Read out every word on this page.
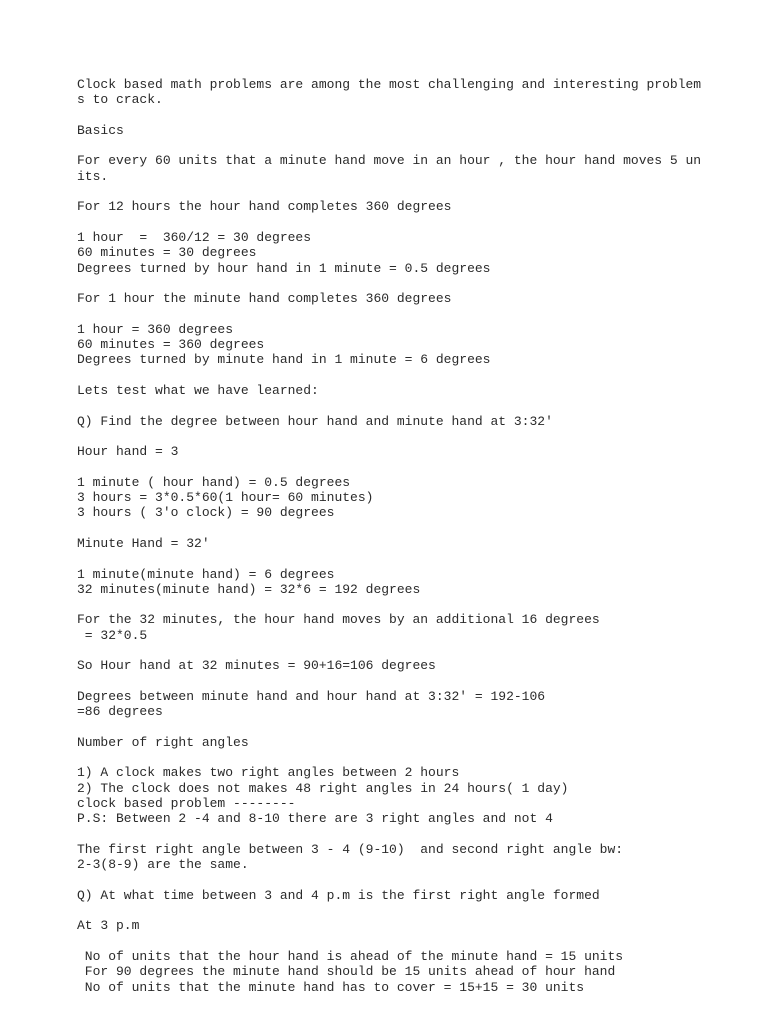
Clock based math problems are among the most challenging and interesting problem
s to crack.
Basics
For every 60 units that a minute hand move in an hour , the hour hand moves 5 un
its.
For 12 hours the hour hand completes 360 degrees
1 hour  =  360/12 = 30 degrees
60 minutes = 30 degrees
Degrees turned by hour hand in 1 minute = 0.5 degrees
For 1 hour the minute hand completes 360 degrees
1 hour = 360 degrees
60 minutes = 360 degrees
Degrees turned by minute hand in 1 minute = 6 degrees
Lets test what we have learned:
Q) Find the degree between hour hand and minute hand at 3:32'
Hour hand = 3
1 minute ( hour hand) = 0.5 degrees
3 hours = 3*0.5*60(1 hour= 60 minutes)
3 hours ( 3'o clock) = 90 degrees
Minute Hand = 32'
1 minute(minute hand) = 6 degrees
32 minutes(minute hand) = 32*6 = 192 degrees
For the 32 minutes, the hour hand moves by an additional 16 degrees
= 32*0.5
So Hour hand at 32 minutes = 90+16=106 degrees
Degrees between minute hand and hour hand at 3:32' = 192-106
=86 degrees
Number of right angles
1) A clock makes two right angles between 2 hours
2) The clock does not makes 48 right angles in 24 hours( 1 day)
clock based problem --------
P.S: Between 2 -4 and 8-10 there are 3 right angles and not 4
The first right angle between 3 - 4 (9-10)  and second right angle bw:
2-3(8-9) are the same.
Q) At what time between 3 and 4 p.m is the first right angle formed
At 3 p.m
No of units that the hour hand is ahead of the minute hand = 15 units
For 90 degrees the minute hand should be 15 units ahead of hour hand
No of units that the minute hand has to cover = 15+15 = 30 units
